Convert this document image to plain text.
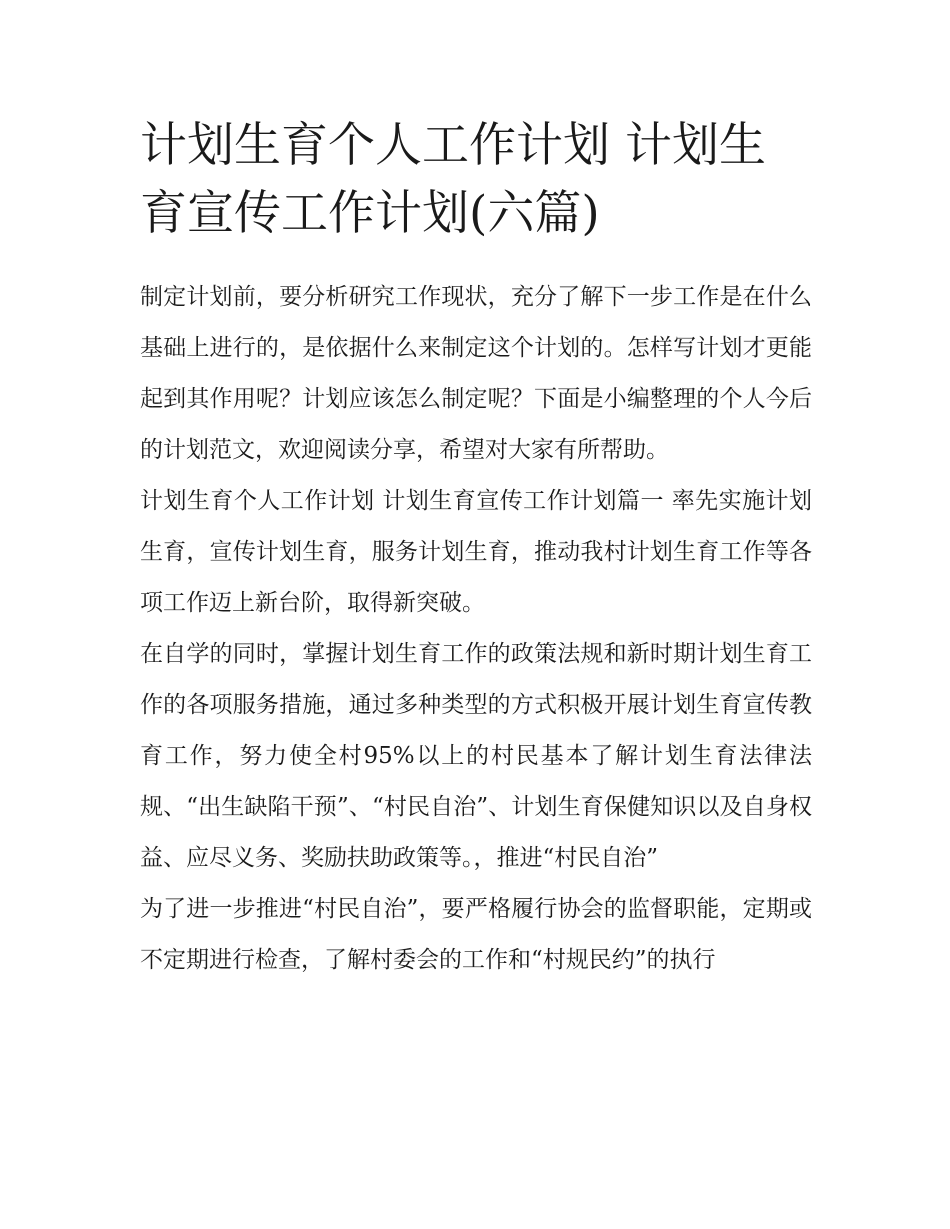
计划生育个人工作计划 计划生育宣传工作计划(六篇)

制定计划前，要分析研究工作现状，充分了解下一步工作是在什么基础上进行的，是依据什么来制定这个计划的。怎样写计划才更能起到其作用呢？计划应该怎么制定呢？下面是小编整理的个人今后的计划范文，欢迎阅读分享，希望对大家有所帮助。

计划生育个人工作计划 计划生育宣传工作计划篇一 率先实施计划生育，宣传计划生育，服务计划生育，推动我村计划生育工作等各项工作迈上新台阶，取得新突破。

在自学的同时，掌握计划生育工作的政策法规和新时期计划生育工作的各项服务措施，通过多种类型的方式积极开展计划生育宣传教育工作，努力使全村95%以上的村民基本了解计划生育法律法规、“出生缺陷干预”、“村民自治”、计划生育保健知识以及自身权益、应尽义务、奖励扶助政策等。，推进“村民自治”

为了进一步推进“村民自治”，要严格履行协会的监督职能，定期或不定期进行检查，了解村委会的工作和“村规民约”的执行
